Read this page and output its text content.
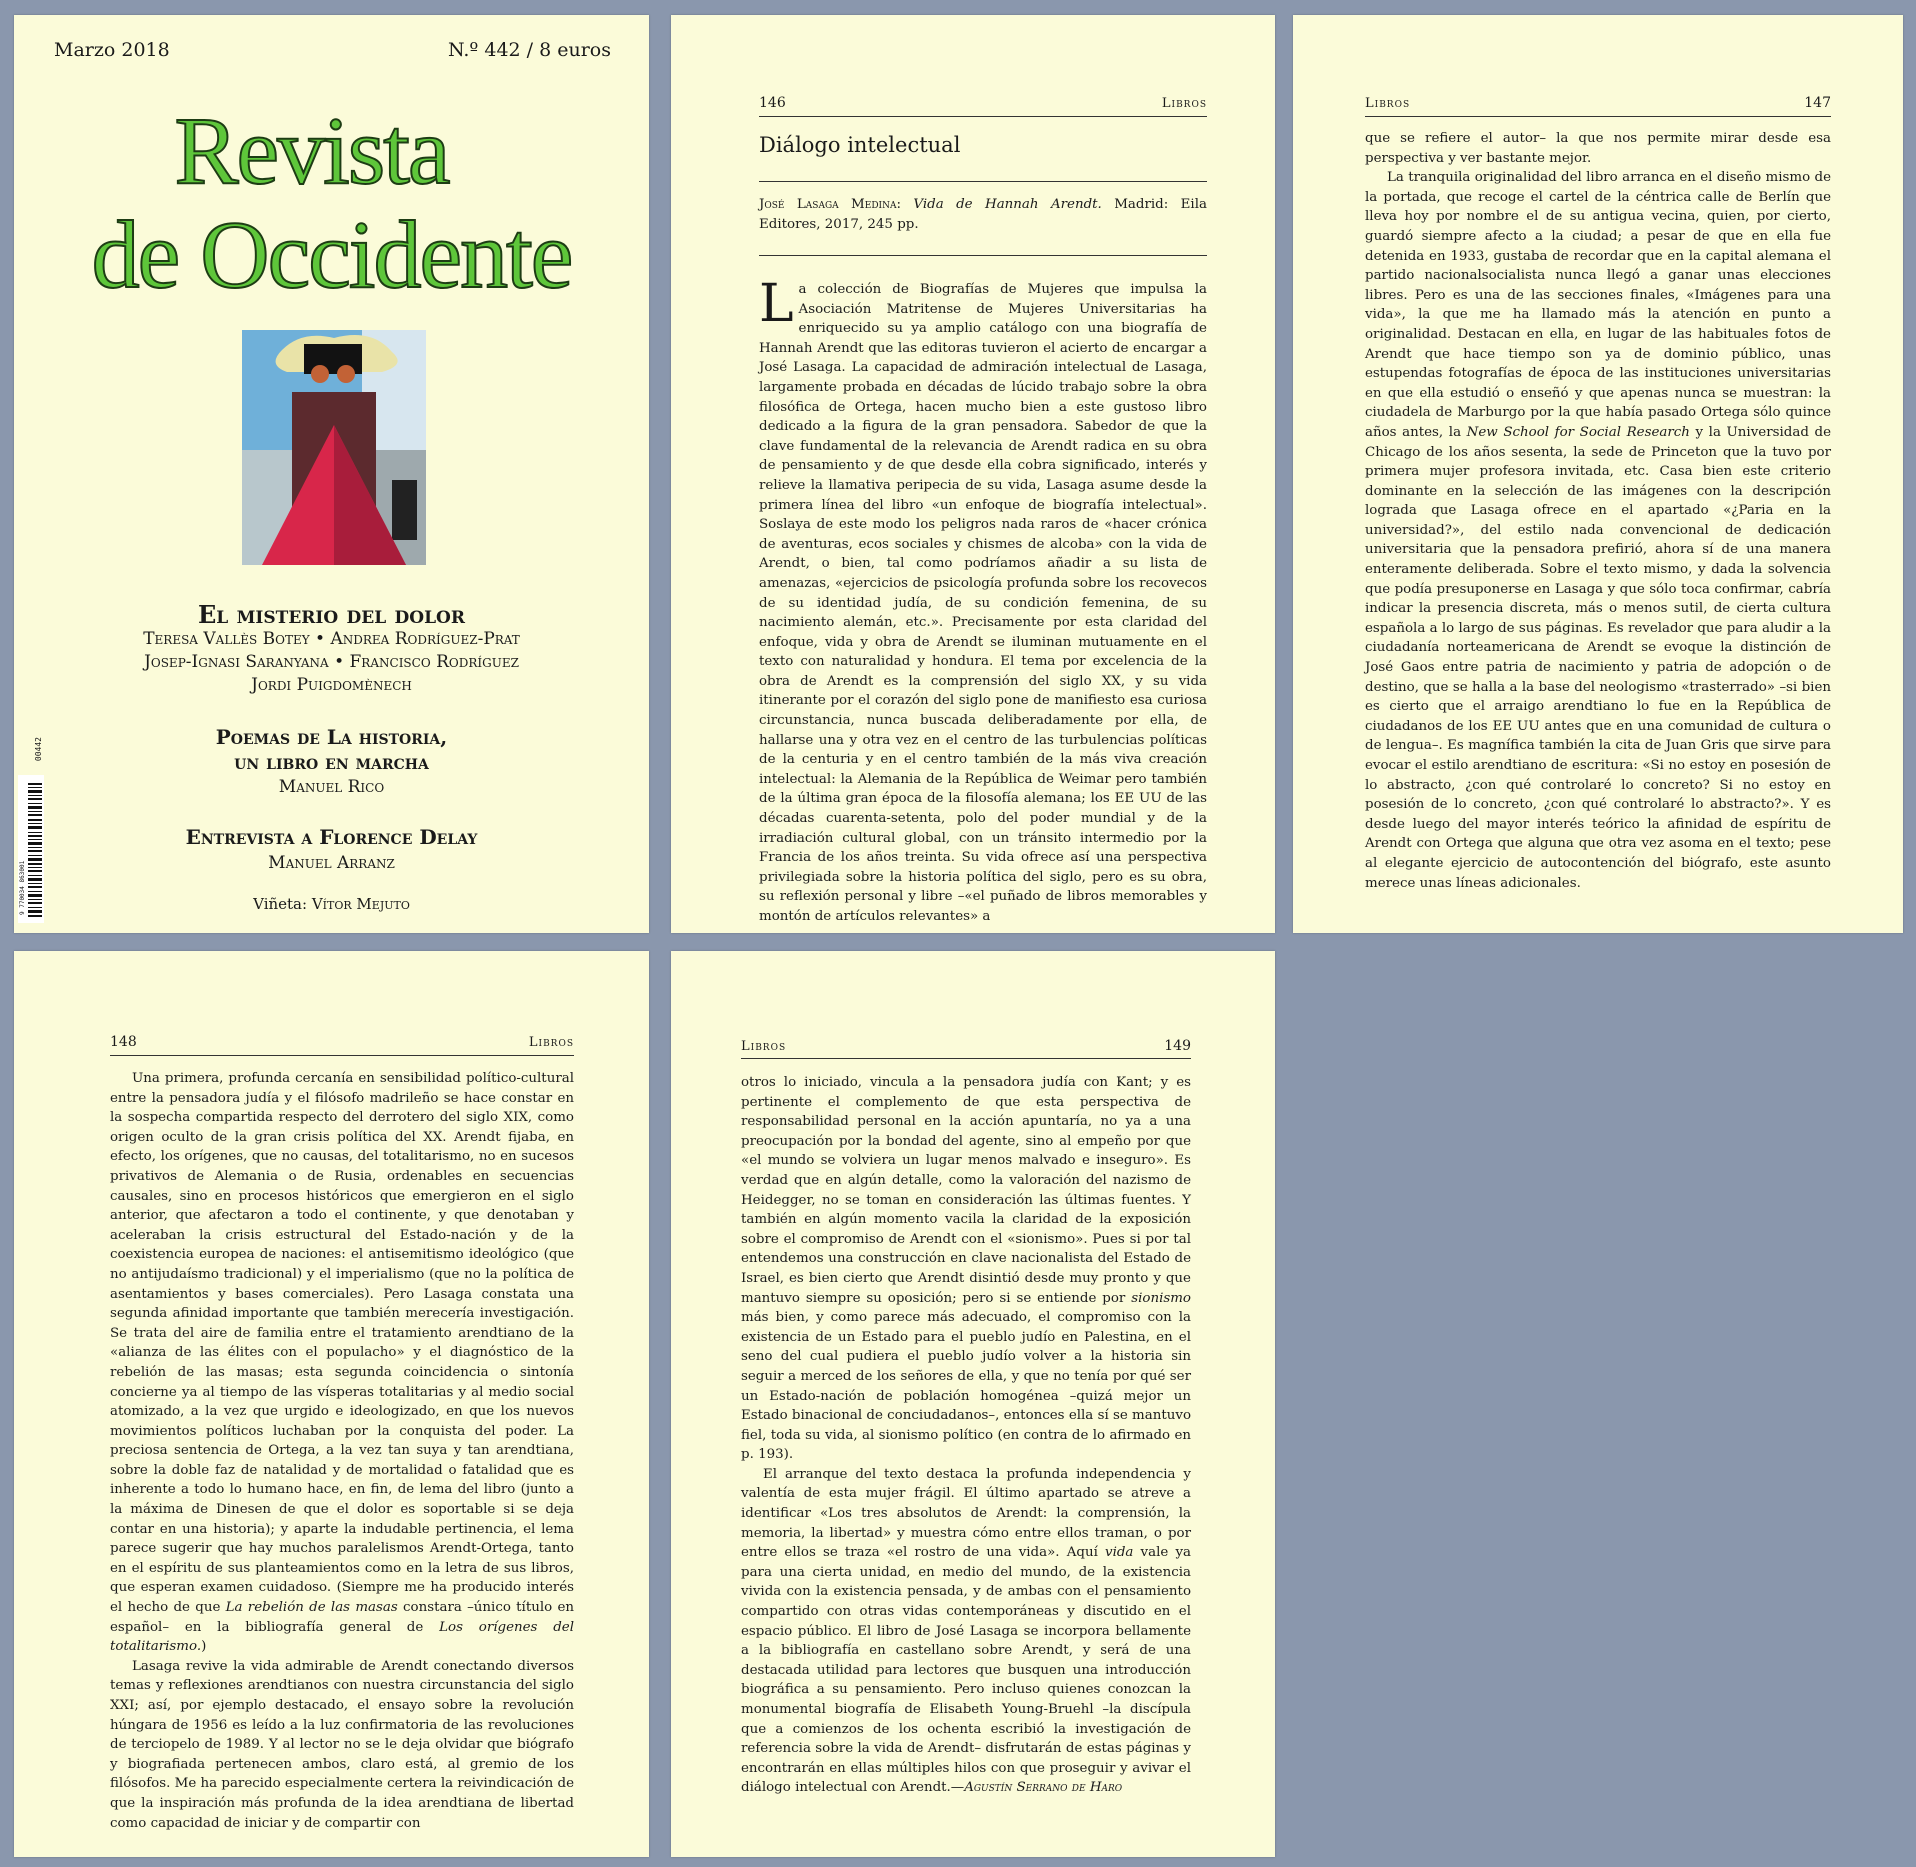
Marzo 2018	N.º 442 / 8 euros
Revista
de Occidente
El misterio del dolor
Teresa Vallès Botey • Andrea Rodríguez-Prat
Josep-Ignasi Saranyana • Francisco Rodríguez
Jordi Puigdomènech
Poemas de La historia,
un libro en marcha
Manuel Rico
Entrevista a Florence Delay
Manuel Arranz
Viñeta: Vítor Mejuto
9 770034 863001
00442
146	Libros
Diálogo intelectual
José Lasaga Medina: Vida de Hannah Arendt. Madrid: Eila Editores, 2017, 245 pp.

La colección de Biografías de Mujeres que impulsa la Asociación Matritense de Mujeres Universitarias ha enriquecido su ya amplio catálogo con una biografía de Hannah Arendt que las editoras tuvieron el acierto de encargar a José Lasaga. La capacidad de admiración intelectual de Lasaga, largamente probada en décadas de lúcido trabajo sobre la obra filosófica de Ortega, hacen mucho bien a este gustoso libro dedicado a la figura de la gran pensadora. Sabedor de que la clave fundamental de la relevancia de Arendt radica en su obra de pensamiento y de que desde ella cobra significado, interés y relieve la llamativa peripecia de su vida, Lasaga asume desde la primera línea del libro «un enfoque de biografía intelectual». Soslaya de este modo los peligros nada raros de «hacer crónica de aventuras, ecos sociales y chismes de alcoba» con la vida de Arendt, o bien, tal como podríamos añadir a su lista de amenazas, «ejercicios de psicología profunda sobre los recovecos de su identidad judía, de su condición femenina, de su nacimiento alemán, etc.». Precisamente por esta claridad del enfoque, vida y obra de Arendt se iluminan mutuamente en el texto con naturalidad y hondura. El tema por excelencia de la obra de Arendt es la comprensión del siglo XX, y su vida itinerante por el corazón del siglo pone de manifiesto esa curiosa circunstancia, nunca buscada deliberadamente por ella, de hallarse una y otra vez en el centro de las turbulencias políticas de la centuria y en el centro también de la más viva creación intelectual: la Alemania de la República de Weimar pero también de la última gran época de la filosofía alemana; los EE UU de las décadas cuarenta-setenta, polo del poder mundial y de la irradiación cultural global, con un tránsito intermedio por la Francia de los años treinta. Su vida ofrece así una perspectiva privilegiada sobre la historia política del siglo, pero es su obra, su reflexión personal y libre –«el puñado de libros memorables y montón de artículos relevantes» a

Libros	147

que se refiere el autor– la que nos permite mirar desde esa perspectiva y ver bastante mejor.

La tranquila originalidad del libro arranca en el diseño mismo de la portada, que recoge el cartel de la céntrica calle de Berlín que lleva hoy por nombre el de su antigua vecina, quien, por cierto, guardó siempre afecto a la ciudad; a pesar de que en ella fue detenida en 1933, gustaba de recordar que en la capital alemana el partido nacionalsocialista nunca llegó a ganar unas elecciones libres. Pero es una de las secciones finales, «Imágenes para una vida», la que me ha llamado más la atención en punto a originalidad. Destacan en ella, en lugar de las habituales fotos de Arendt que hace tiempo son ya de dominio público, unas estupendas fotografías de época de las instituciones universitarias en que ella estudió o enseñó y que apenas nunca se muestran: la ciudadela de Marburgo por la que había pasado Ortega sólo quince años antes, la New School for Social Research y la Universidad de Chicago de los años sesenta, la sede de Princeton que la tuvo por primera mujer profesora invitada, etc. Casa bien este criterio dominante en la selección de las imágenes con la descripción lograda que Lasaga ofrece en el apartado «¿Paria en la universidad?», del estilo nada convencional de dedicación universitaria que la pensadora prefirió, ahora sí de una manera enteramente deliberada. Sobre el texto mismo, y dada la solvencia que podía presuponerse en Lasaga y que sólo toca confirmar, cabría indicar la presencia discreta, más o menos sutil, de cierta cultura española a lo largo de sus páginas. Es revelador que para aludir a la ciudadanía norteamericana de Arendt se evoque la distinción de José Gaos entre patria de nacimiento y patria de adopción o de destino, que se halla a la base del neologismo «trasterrado» –si bien es cierto que el arraigo arendtiano lo fue en la República de ciudadanos de los EE UU antes que en una comunidad de cultura o de lengua–. Es magnífica también la cita de Juan Gris que sirve para evocar el estilo arendtiano de escritura: «Si no estoy en posesión de lo abstracto, ¿con qué controlaré lo concreto? Si no estoy en posesión de lo concreto, ¿con qué controlaré lo abstracto?». Y es desde luego del mayor interés teórico la afinidad de espíritu de Arendt con Ortega que alguna que otra vez asoma en el texto; pese al elegante ejercicio de autocontención del biógrafo, este asunto merece unas líneas adicionales.

148	Libros

Una primera, profunda cercanía en sensibilidad político-cultural entre la pensadora judía y el filósofo madrileño se hace constar en la sospecha compartida respecto del derrotero del siglo XIX, como origen oculto de la gran crisis política del XX. Arendt fijaba, en efecto, los orígenes, que no causas, del totalitarismo, no en sucesos privativos de Alemania o de Rusia, ordenables en secuencias causales, sino en procesos históricos que emergieron en el siglo anterior, que afectaron a todo el continente, y que denotaban y aceleraban la crisis estructural del Estado-nación y de la coexistencia europea de naciones: el antisemitismo ideológico (que no antijudaísmo tradicional) y el imperialismo (que no la política de asentamientos y bases comerciales). Pero Lasaga constata una segunda afinidad importante que también merecería investigación. Se trata del aire de familia entre el tratamiento arendtiano de la «alianza de las élites con el populacho» y el diagnóstico de la rebelión de las masas; esta segunda coincidencia o sintonía concierne ya al tiempo de las vísperas totalitarias y al medio social atomizado, a la vez que urgido e ideologizado, en que los nuevos movimientos políticos luchaban por la conquista del poder. La preciosa sentencia de Ortega, a la vez tan suya y tan arendtiana, sobre la doble faz de natalidad y de mortalidad o fatalidad que es inherente a todo lo humano hace, en fin, de lema del libro (junto a la máxima de Dinesen de que el dolor es soportable si se deja contar en una historia); y aparte la indudable pertinencia, el lema parece sugerir que hay muchos paralelismos Arendt-Ortega, tanto en el espíritu de sus planteamientos como en la letra de sus libros, que esperan examen cuidadoso. (Siempre me ha producido interés el hecho de que La rebelión de las masas constara –único título en español– en la bibliografía general de Los orígenes del totalitarismo.)

Lasaga revive la vida admirable de Arendt conectando diversos temas y reflexiones arendtianos con nuestra circunstancia del siglo XXI; así, por ejemplo destacado, el ensayo sobre la revolución húngara de 1956 es leído a la luz confirmatoria de las revoluciones de terciopelo de 1989. Y al lector no se le deja olvidar que biógrafo y biografiada pertenecen ambos, claro está, al gremio de los filósofos. Me ha parecido especialmente certera la reivindicación de que la inspiración más profunda de la idea arendtiana de libertad como capacidad de iniciar y de compartir con

Libros	149

otros lo iniciado, vincula a la pensadora judía con Kant; y es pertinente el complemento de que esta perspectiva de responsabilidad personal en la acción apuntaría, no ya a una preocupación por la bondad del agente, sino al empeño por que «el mundo se volviera un lugar menos malvado e inseguro». Es verdad que en algún detalle, como la valoración del nazismo de Heidegger, no se toman en consideración las últimas fuentes. Y también en algún momento vacila la claridad de la exposición sobre el compromiso de Arendt con el «sionismo». Pues si por tal entendemos una construcción en clave nacionalista del Estado de Israel, es bien cierto que Arendt disintió desde muy pronto y que mantuvo siempre su oposición; pero si se entiende por sionismo más bien, y como parece más adecuado, el compromiso con la existencia de un Estado para el pueblo judío en Palestina, en el seno del cual pudiera el pueblo judío volver a la historia sin seguir a merced de los señores de ella, y que no tenía por qué ser un Estado-nación de población homogénea –quizá mejor un Estado binacional de conciudadanos–, entonces ella sí se mantuvo fiel, toda su vida, al sionismo político (en contra de lo afirmado en p. 193).

El arranque del texto destaca la profunda independencia y valentía de esta mujer frágil. El último apartado se atreve a identificar «Los tres absolutos de Arendt: la comprensión, la memoria, la libertad» y muestra cómo entre ellos traman, o por entre ellos se traza «el rostro de una vida». Aquí vida vale ya para una cierta unidad, en medio del mundo, de la existencia vivida con la existencia pensada, y de ambas con el pensamiento compartido con otras vidas contemporáneas y discutido en el espacio público. El libro de José Lasaga se incorpora bellamente a la bibliografía en castellano sobre Arendt, y será de una destacada utilidad para lectores que busquen una introducción biográfica a su pensamiento. Pero incluso quienes conozcan la monumental biografía de Elisabeth Young-Bruehl –la discípula que a comienzos de los ochenta escribió la investigación de referencia sobre la vida de Arendt– disfrutarán de estas páginas y encontrarán en ellas múltiples hilos con que proseguir y avivar el diálogo intelectual con Arendt.—Agustín Serrano de Haro
